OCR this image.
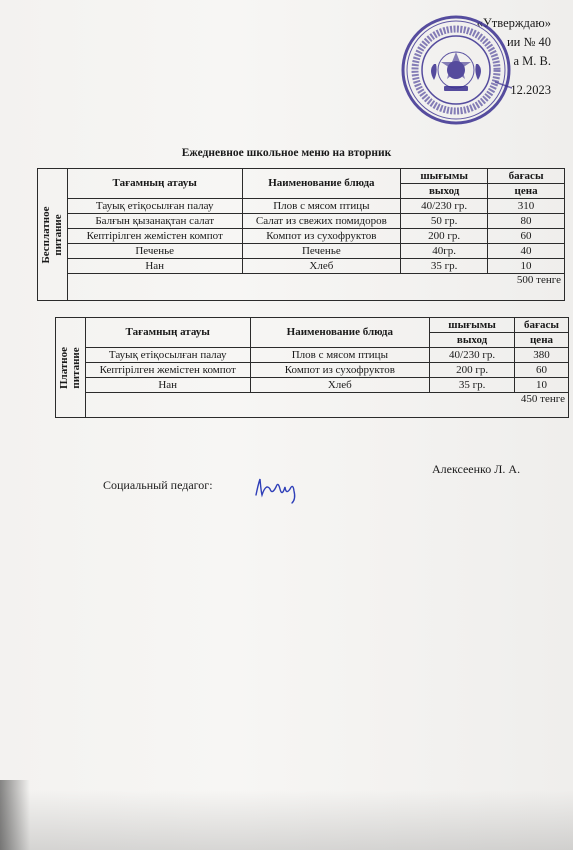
«Утверждаю»
ии № 40
а М. В.
12.2023
Ежедневное школьное меню на вторник
Бесплатное
питание	Тағамның атауы	Наименование блюда	шығымы	бағасы
			выход	цена
	Тауық етіқосылған палау	Плов с мясом птицы	40/230 гр.	310
	Балғын қызанақтан салат	Салат из свежих помидоров	50 гр.	80
	Кептірілген жемістен компот	Компот из сухофруктов	200 гр.	60
	Печенье	Печенье	40гр.	40
	Нан	Хлеб	35 гр.	10
	500 тенге			
Платное
питание	Тағамның атауы	Наименование блюда	шығымы	бағасы
			выход	цена
	Тауық етіқосылған палау	Плов с мясом птицы	40/230 гр.	380
	Кептірілген жемістен компот	Компот из сухофруктов	200 гр.	60
	Нан	Хлеб	35 гр.	10
	450 тенге			
Социальный педагог:
Алексеенко Л. А.
